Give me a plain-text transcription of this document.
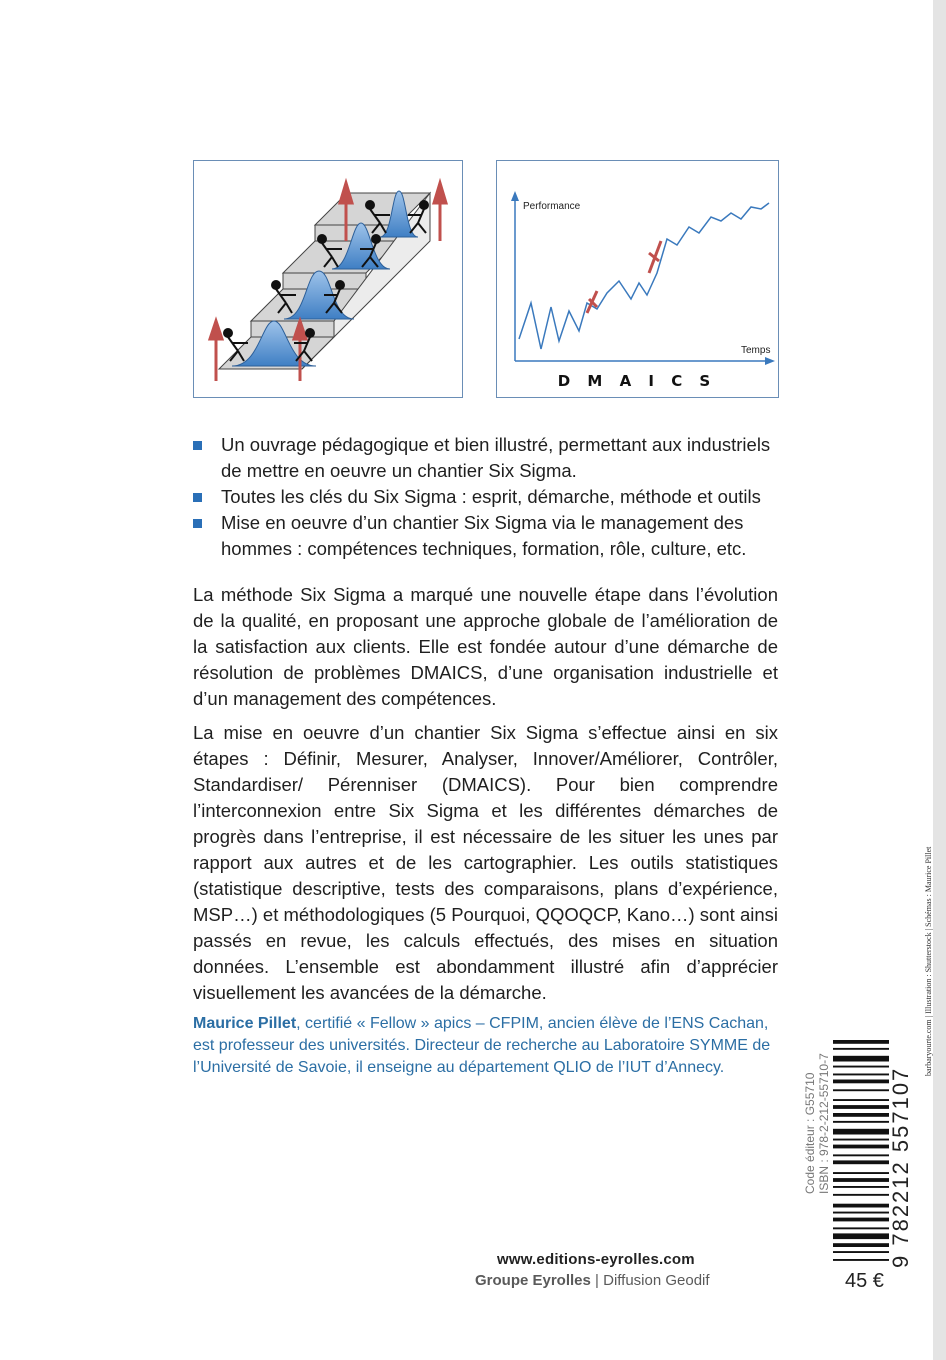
Performance
Temps
D M A I C S
Un ouvrage pédagogique et bien illustré, permettant aux industriels de mettre en oeuvre un chantier Six Sigma.
Toutes les clés du Six Sigma : esprit, démarche, méthode et outils
Mise en oeuvre d’un chantier Six Sigma via le management des hommes : compétences techniques, formation, rôle, culture, etc.

La méthode Six Sigma a marqué une nouvelle étape dans l’évolution de la qualité, en proposant une approche globale de l’amélioration de la satisfaction aux clients. Elle est fondée autour d’une démarche de résolution de problèmes DMAICS, d’une organisation industrielle et d’un management des compétences.

La mise en oeuvre d’un chantier Six Sigma s’effectue ainsi en six étapes : Définir, Mesurer, Analyser, Innover/Améliorer, Contrôler, Standardiser/ Pérenniser (DMAICS). Pour bien comprendre l’interconnexion entre Six Sigma et les différentes démarches de progrès dans l’entreprise, il est nécessaire de les situer les unes par rapport aux autres et de les cartographier. Les outils statistiques (statistique descriptive, tests des comparaisons, plans d’expérience, MSP…) et méthodologiques (5 Pourquoi, QQOQCP, Kano…) sont ainsi passés en revue, les calculs effectués, des mises en situation données. L’ensemble est abondamment illustré afin d’apprécier visuellement les avancées de la démarche.

Maurice Pillet, certifié « Fellow » apics – CFPIM, ancien élève de l’ENS Cachan, est professeur des universités. Directeur de recherche au Laboratoire SYMME de l’Université de Savoie, il enseigne au département QLIO de l’IUT d’Annecy.

www.editions-eyrolles.com
Groupe Eyrolles | Diffusion Geodif
barbaryourte.com | Illustration : Shutterstock | Schémas : Maurice Pillet
Code éditeur : G55710 ISBN : 978-2-212-55710-7	9 782212 557107
45 €
